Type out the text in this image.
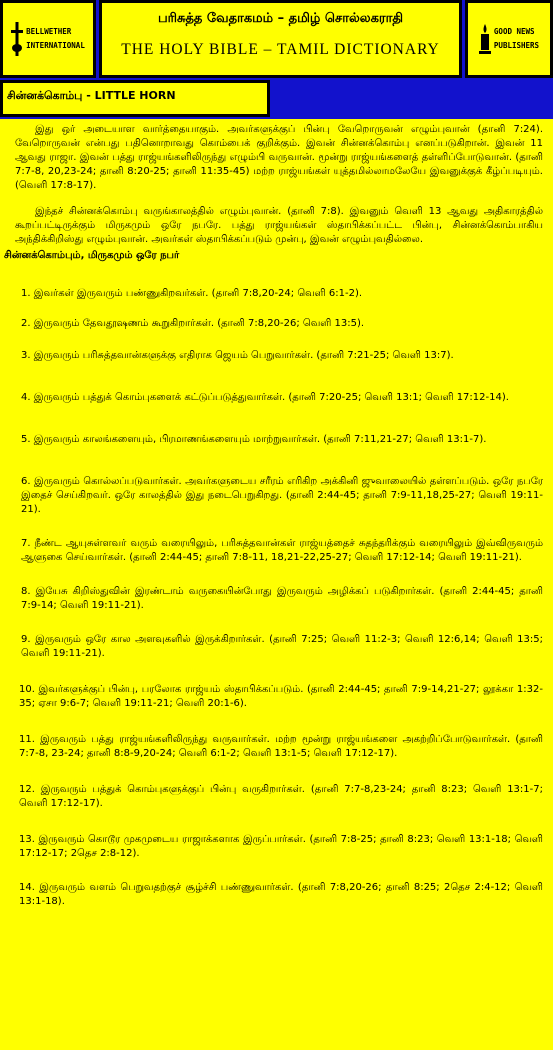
BELLWETHER
INTERNATIONAL
பரிசுத்த வேதாகமம் – தமிழ் சொல்லகராதி
THE HOLY BIBLE – TAMIL DICTIONARY
GOOD NEWS
PUBLISHERS
சின்னக்கொம்பு - LITTLE HORN

இது ஒர் அடையாள வார்த்தையாகும். அவர்களுக்குப் பின்பு வேறொருவன் எழும்புவான் (தானி 7:24). வேறொருவன் என்பது பதினொறாவது கொம்பைக் குறிக்கும். இவன் சின்னக்கொம்பு எனப்படுகிறான். இவன் 11 ஆவது ராஜா. இவன் பத்து ராஜ்யங்களிலிருந்து எழும்பி வருவான். மூன்று ராஜ்யங்களைத் தள்ளிப்போடுவான். (தானி 7:7-8, 20,23-24; தானி 8:20-25; தானி 11:35-45) மற்ற ராஜ்யங்கள் யுத்தமில்லாமலேயே இவனுக்குக் கீழ்ப்படியும். (வெளி 17:8-17).

இந்தச் சின்னக்கொம்பு வருங்காலத்தில் எழும்புவான். (தானி 7:8). இவனும் வெளி 13 ஆவது அதிகாரத்தில் கூறப்பட்டிருக்கும் மிருகமும் ஒரே நபரே. பத்து ராஜ்யங்கள் ஸ்தாபிக்கப்பட்ட பின்பு, சின்னக்கொம்பாகிய அந்திக்கிறிஸ்து எழும்புவான். அவர்கள் ஸ்தாபிக்கப்படும் முன்பு, இவன் எழும்புவதில்லை.

சின்னக்கொம்பும், மிருகமும் ஒரே நபர்
1. இவர்கள் இருவரும் பண்ணுகிறவர்கள். (தானி 7:8,20-24; வெளி 6:1-2).
2. இருவரும் தேவதூஷணம் கூறுகிறார்கள். (தானி 7:8,20-26; வெளி 13:5).
3. இருவரும் பரிசுத்தவான்களுக்கு எதிராக ஜெயம் பெறுவார்கள். (தானி 7:21-25; வெளி 13:7).
4. இருவரும் பத்துக் கொம்புகளைக் கட்டுப்படுத்துவார்கள். (தானி 7:20-25; வெளி 13:1; வெளி 17:12-14).
5. இருவரும் காலங்களையும், பிரமாணங்களையும் மாற்றுவார்கள். (தானி 7:11,21-27; வெளி 13:1-7).
6. இருவரும் கொல்லப்படுவார்கள். அவர்களுடைய சரீரம் எரிகிற அக்கினி ஜுவாலையில் தள்ளப்படும். ஒரே நபரே இதைச் செய்கிறவர். ஒரே காலத்தில் இது நடைபெறுகிறது. (தானி 2:44-45; தானி 7:9-11,18,25-27; வெளி 19:11-21).
7. நீண்ட ஆயுசுள்ளவர் வரும் வரையிலும், பரிசுத்தவான்கள் ராஜ்யத்தைச் சுதந்தரிக்கும் வரையிலும் இவ்விருவரும் ஆளுகை செய்வார்கள். (தானி 2:44-45; தானி 7:8-11, 18,21-22,25-27; வெளி 17:12-14; வெளி 19:11-21).
8. இயேசு கிறிஸ்துவின் இரண்டாம் வருகையின்போது இருவரும் அழிக்கப் படுகிறார்கள். (தானி 2:44-45; தானி 7:9-14; வெளி 19:11-21).
9. இருவரும் ஒரே கால அளவுகளில் இருக்கிறார்கள். (தானி 7:25; வெளி 11:2-3; வெளி 12:6,14; வெளி 13:5; வெளி 19:11-21).
10. இவர்களுக்குப் பின்பு, பரலோக ராஜ்யம் ஸ்தாபிக்கப்படும். (தானி 2:44-45; தானி 7:9-14,21-27; லூக்கா 1:32-35; ஏசா 9:6-7; வெளி 19:11-21; வெளி 20:1-6).
11. இருவரும் பத்து ராஜ்யங்களிலிருந்து வருவார்கள். மற்ற மூன்று ராஜ்யங்களை அகற்றிப்போடுவார்கள். (தானி 7:7-8, 23-24; தானி 8:8-9,20-24; வெளி 6:1-2; வெளி 13:1-5; வெளி 17:12-17).
12. இருவரும் பத்துக் கொம்புகளுக்குப் பின்பு வருகிறார்கள். (தானி 7:7-8,23-24; தானி 8:23; வெளி 13:1-7; வெளி 17:12-17).
13. இருவரும் கொடூர முகமுடைய ராஜாக்களாக இருப்பார்கள். (தானி 7:8-25; தானி 8:23; வெளி 13:1-18; வெளி 17:12-17; 2தெச 2:8-12).
14. இருவரும் வளம் பெறுவதற்குச் சூழ்ச்சி பண்ணுவார்கள். (தானி 7:8,20-26; தானி 8:25; 2தெச 2:4-12; வெளி 13:1-18).
